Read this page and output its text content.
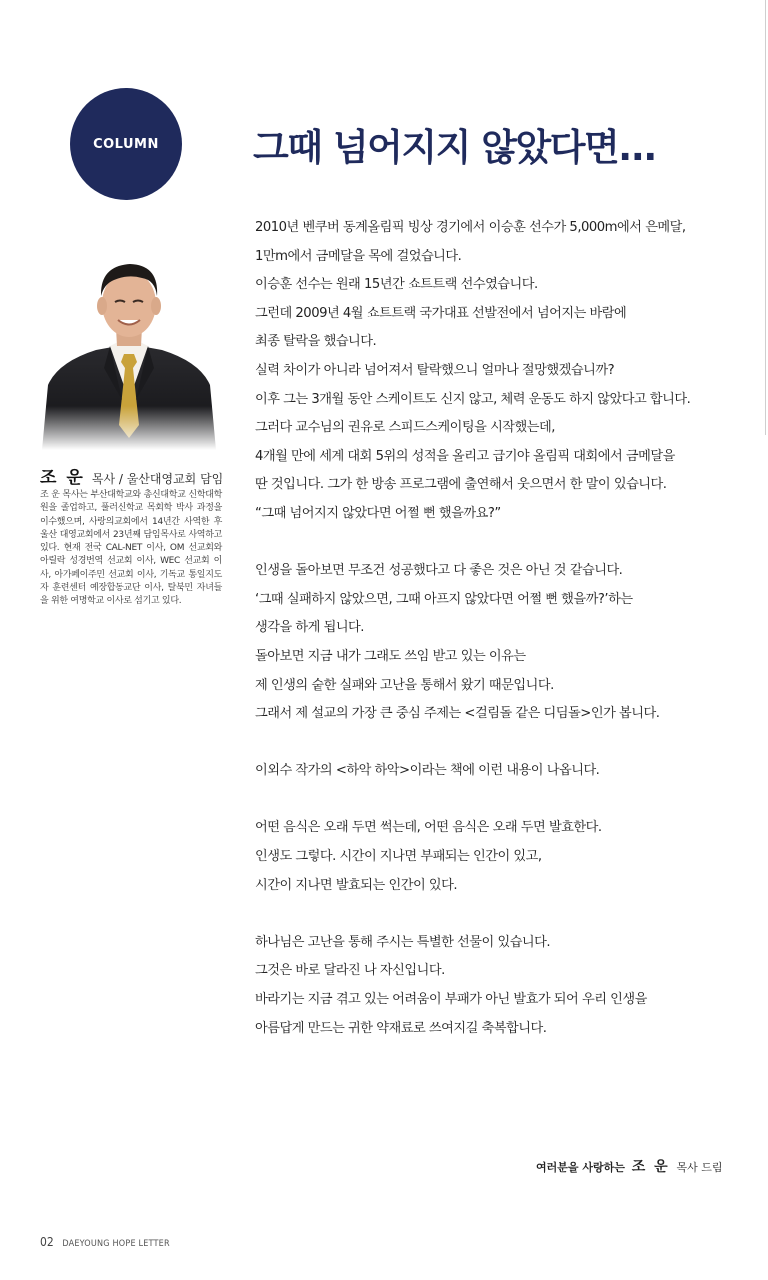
COLUMN	그때 넘어지지 않았다면...
조 운 목사 / 울산대영교회 담임

조 운 목사는 부산대학교와 총신대학교 신학대학원을 졸업하고, 풀러신학교 목회학 박사 과정을 이수했으며, 사랑의교회에서 14년간 사역한 후 울산 대영교회에서 23년째 담임목사로 사역하고 있다. 현재 전국 CAL-NET 이사, OM 선교회와 아릴락 성경번역 선교회 이사, WEC 선교회 이사, 아가페이주민 선교회 이사, 기독교 통일지도자 훈련센터 예장합동교단 이사, 탈북민 자녀들을 위한 여명학교 이사로 섬기고 있다.

2010년 벤쿠버 동계올림픽 빙상 경기에서 이승훈 선수가 5,000m에서 은메달,
1만m에서 금메달을 목에 걸었습니다.
이승훈 선수는 원래 15년간 쇼트트랙 선수였습니다.
그런데 2009년 4월 쇼트트랙 국가대표 선발전에서 넘어지는 바람에
최종 탈락을 했습니다.
실력 차이가 아니라 넘어져서 탈락했으니 얼마나 절망했겠습니까?
이후 그는 3개월 동안 스케이트도 신지 않고, 체력 운동도 하지 않았다고 합니다.
그러다 교수님의 권유로 스피드스케이팅을 시작했는데,
4개월 만에 세계 대회 5위의 성적을 올리고 급기야 올림픽 대회에서 금메달을
딴 것입니다. 그가 한 방송 프로그램에 출연해서 웃으면서 한 말이 있습니다.
“그때 넘어지지 않았다면 어쩔 뻔 했을까요?”

인생을 돌아보면 무조건 성공했다고 다 좋은 것은 아닌 것 같습니다.
‘그때 실패하지 않았으면, 그때 아프지 않았다면 어쩔 뻔 했을까?’하는
생각을 하게 됩니다.
돌아보면 지금 내가 그래도 쓰임 받고 있는 이유는
제 인생의 숱한 실패와 고난을 통해서 왔기 때문입니다.
그래서 제 설교의 가장 큰 중심 주제는 <걸림돌 같은 디딤돌>인가 봅니다.

이외수 작가의 <하악 하악>이라는 책에 이런 내용이 나옵니다.

어떤 음식은 오래 두면 썩는데, 어떤 음식은 오래 두면 발효한다.
인생도 그렇다. 시간이 지나면 부패되는 인간이 있고,
시간이 지나면 발효되는 인간이 있다.

하나님은 고난을 통해 주시는 특별한 선물이 있습니다.
그것은 바로 달라진 나 자신입니다.
바라기는 지금 겪고 있는 어려움이 부패가 아닌 발효가 되어 우리 인생을
아름답게 만드는 귀한 약재료로 쓰여지길 축복합니다.

여러분을 사랑하는 조 운 목사 드림
02 DAEYOUNG HOPE LETTER
